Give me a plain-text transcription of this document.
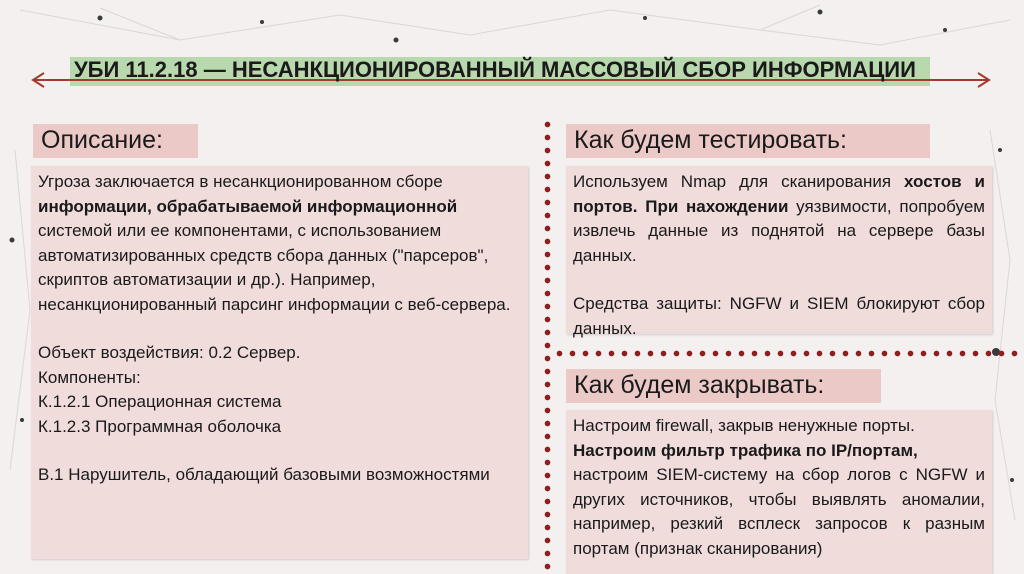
УБИ 11.2.18 — НЕСАНКЦИОНИРОВАННЫЙ МАССОВЫЙ СБОР ИНФОРМАЦИИ
Описание:

Угроза заключается в несанкционированном сборе информации, обрабатываемой информационной системой или ее компонентами, с использованием автоматизированных средств сбора данных ("парсеров", скриптов автоматизации и др.). Например, несанкционированный парсинг информации с веб-сервера.

Объект воздействия: 0.2 Сервер.

Компоненты:

К.1.2.1 Операционная система

К.1.2.3 Программная оболочка

В.1 Нарушитель, обладающий базовыми возможностями

Как будем тестировать:

Используем Nmap для сканирования хостов и портов. При нахождении уязвимости, попробуем извлечь данные из поднятой на сервере базы данных.

Средства защиты: NGFW и SIEM блокируют сбор данных.

Как будем закрывать:

Настроим firewall, закрыв ненужные порты.

Настроим фильтр трафика по IP/портам,

настроим SIEM-систему на сбор логов с NGFW и других источников, чтобы выявлять аномалии, например, резкий всплеск запросов к разным портам (признак сканирования)
